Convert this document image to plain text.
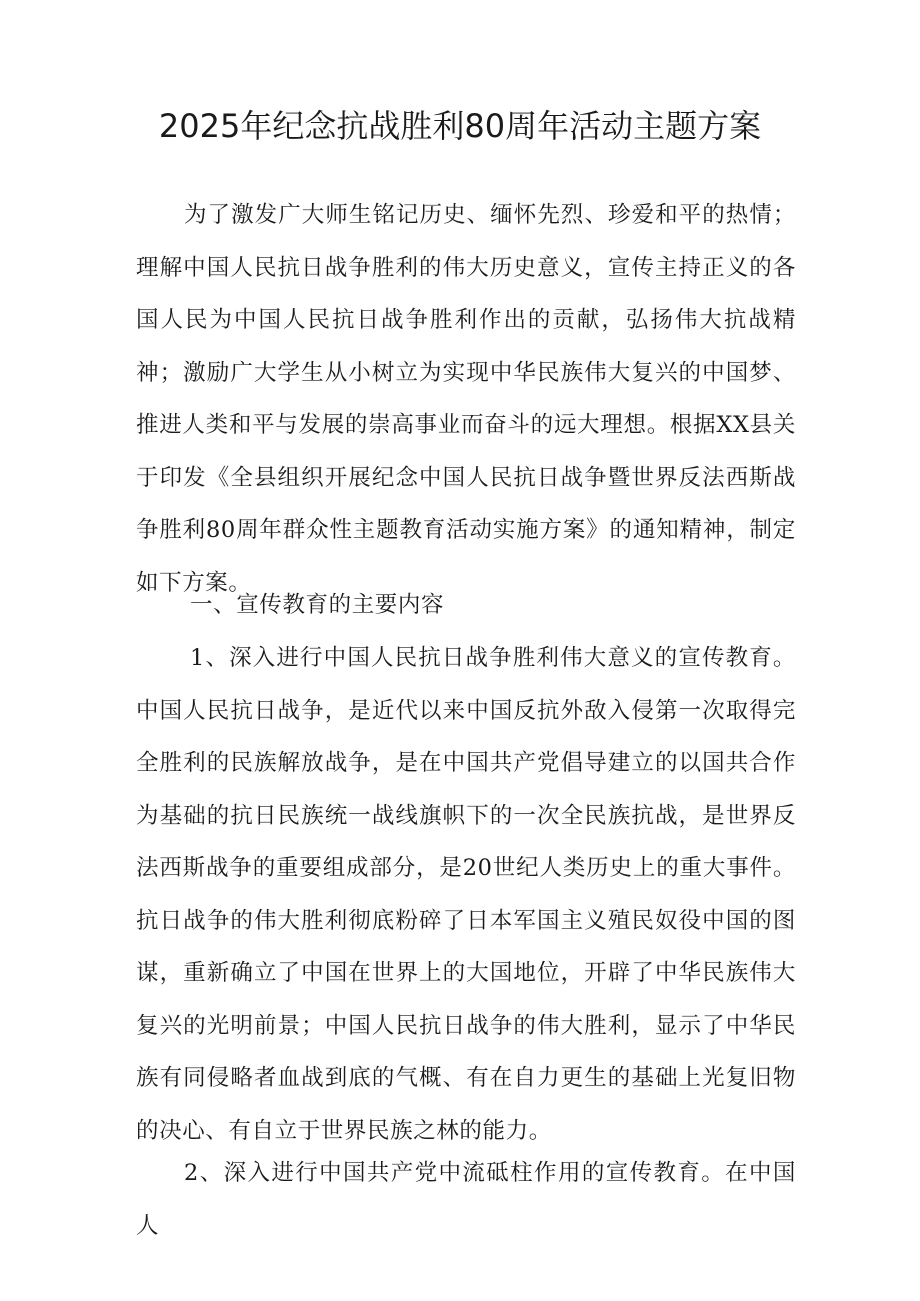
2025年纪念抗战胜利80周年活动主题方案

为了激发广大师生铭记历史、缅怀先烈、珍爱和平的热情；理解中国人民抗日战争胜利的伟大历史意义，宣传主持正义的各国人民为中国人民抗日战争胜利作出的贡献，弘扬伟大抗战精神；激励广大学生从小树立为实现中华民族伟大复兴的中国梦、推进人类和平与发展的崇高事业而奋斗的远大理想。根据XX县关于印发《全县组织开展纪念中国人民抗日战争暨世界反法西斯战争胜利80周年群众性主题教育活动实施方案》的通知精神，制定如下方案。

一、宣传教育的主要内容

1、深入进行中国人民抗日战争胜利伟大意义的宣传教育。中国人民抗日战争，是近代以来中国反抗外敌入侵第一次取得完全胜利的民族解放战争，是在中国共产党倡导建立的以国共合作为基础的抗日民族统一战线旗帜下的一次全民族抗战，是世界反法西斯战争的重要组成部分，是20世纪人类历史上的重大事件。抗日战争的伟大胜利彻底粉碎了日本军国主义殖民奴役中国的图谋，重新确立了中国在世界上的大国地位，开辟了中华民族伟大复兴的光明前景；中国人民抗日战争的伟大胜利，显示了中华民族有同侵略者血战到底的气概、有在自力更生的基础上光复旧物的决心、有自立于世界民族之林的能力。

2、深入进行中国共产党中流砥柱作用的宣传教育。在中国人
